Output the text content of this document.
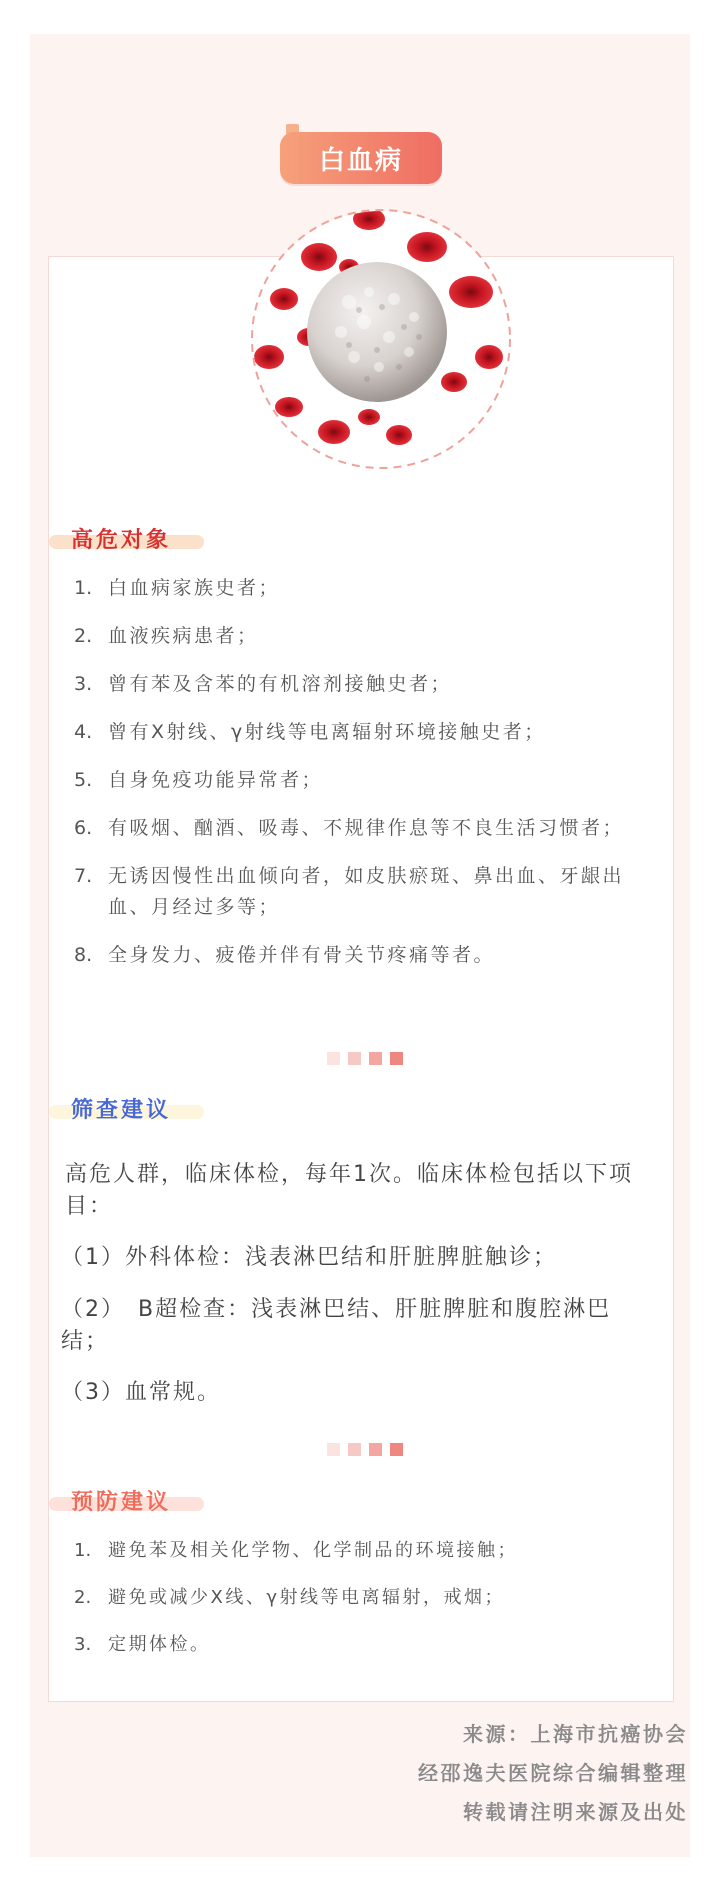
白血病
高危对象
1. 白血病家族史者；
2. 血液疾病患者；
3. 曾有苯及含苯的有机溶剂接触史者；
4. 曾有X射线、γ射线等电离辐射环境接触史者；
5. 自身免疫功能异常者；
6. 有吸烟、酗酒、吸毒、不规律作息等不良生活习惯者；
7. 无诱因慢性出血倾向者，如皮肤瘀斑、鼻出血、牙龈出血、月经过多等；
8. 全身发力、疲倦并伴有骨关节疼痛等者。
筛查建议

高危人群，临床体检，每年1次。临床体检包括以下项目：

（1）外科体检：浅表淋巴结和肝脏脾脏触诊；

（2）　B超检查：浅表淋巴结、肝脏脾脏和腹腔淋巴结；

（3）血常规。

预防建议
1. 避免苯及相关化学物、化学制品的环境接触；
2. 避免或减少X线、γ射线等电离辐射，戒烟；
3. 定期体检。
来源：上海市抗癌协会
经邵逸夫医院综合编辑整理
转载请注明来源及出处
